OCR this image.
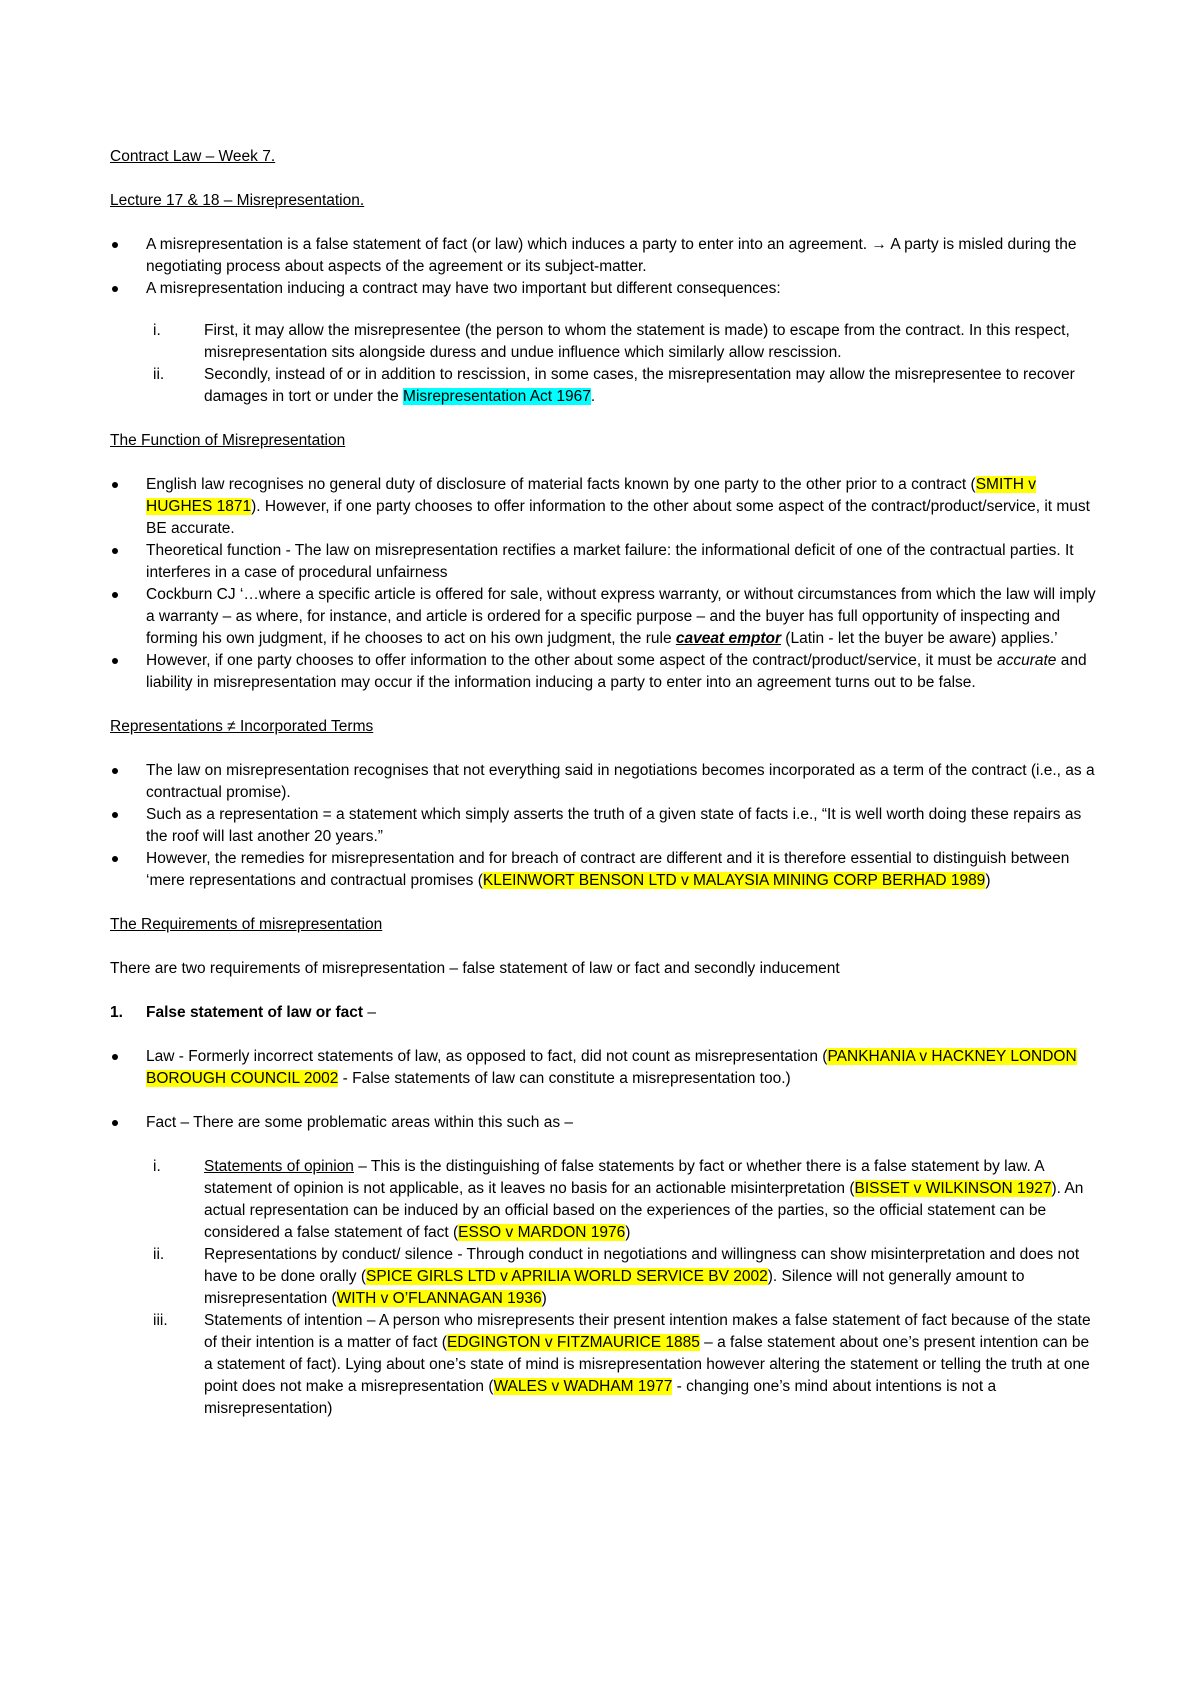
Contract Law – Week 7.

Lecture 17 & 18 – Misrepresentation.

A misrepresentation is a false statement of fact (or law) which induces a party to enter into an agreement. → A party is misled during the negotiating process about aspects of the agreement or its subject-matter.
A misrepresentation inducing a contract may have two important but different consequences:
i.	First, it may allow the misrepresentee (the person to whom the statement is made) to escape from the contract. In this respect, misrepresentation sits alongside duress and undue influence which similarly allow rescission.
ii.	Secondly, instead of or in addition to rescission, in some cases, the misrepresentation may allow the misrepresentee to recover damages in tort or under the Misrepresentation Act 1967.

The Function of Misrepresentation

English law recognises no general duty of disclosure of material facts known by one party to the other prior to a contract (SMITH v HUGHES 1871). However, if one party chooses to offer information to the other about some aspect of the contract/product/service, it must BE accurate.
Theoretical function - The law on misrepresentation rectifies a market failure: the informational deficit of one of the contractual parties. It interferes in a case of procedural unfairness
Cockburn CJ ‘…where a specific article is offered for sale, without express warranty, or without circumstances from which the law will imply a warranty – as where, for instance, and article is ordered for a specific purpose – and the buyer has full opportunity of inspecting and forming his own judgment, if he chooses to act on his own judgment, the rule caveat emptor (Latin - let the buyer be aware) applies.’
However, if one party chooses to offer information to the other about some aspect of the contract/product/service, it must be accurate and liability in misrepresentation may occur if the information inducing a party to enter into an agreement turns out to be false.

Representations ≠ Incorporated Terms

The law on misrepresentation recognises that not everything said in negotiations becomes incorporated as a term of the contract (i.e., as a contractual promise).
Such as a representation = a statement which simply asserts the truth of a given state of facts i.e., “It is well worth doing these repairs as the roof will last another 20 years.”
However, the remedies for misrepresentation and for breach of contract are different and it is therefore essential to distinguish between ‘mere representations and contractual promises (KLEINWORT BENSON LTD v MALAYSIA MINING CORP BERHAD 1989)

The Requirements of misrepresentation

There are two requirements of misrepresentation – false statement of law or fact and secondly inducement

1. False statement of law or fact –

Law - Formerly incorrect statements of law, as opposed to fact, did not count as misrepresentation (PANKHANIA v HACKNEY LONDON BOROUGH COUNCIL 2002 - False statements of law can constitute a misrepresentation too.)
Fact – There are some problematic areas within this such as –
i.	Statements of opinion – This is the distinguishing of false statements by fact or whether there is a false statement by law. A statement of opinion is not applicable, as it leaves no basis for an actionable misinterpretation (BISSET v WILKINSON 1927). An actual representation can be induced by an official based on the experiences of the parties, so the official statement can be considered a false statement of fact (ESSO v MARDON 1976)
ii.	Representations by conduct/ silence - Through conduct in negotiations and willingness can show misinterpretation and does not have to be done orally (SPICE GIRLS LTD v APRILIA WORLD SERVICE BV 2002). Silence will not generally amount to misrepresentation (WITH v O’FLANNAGAN 1936)
iii. Statements of intention – A person who misrepresents their present intention makes a false statement of fact because of the state of their intention is a matter of fact (EDGINGTON v FITZMAURICE 1885 – a false statement about one’s present intention can be a statement of fact). Lying about one’s state of mind is misrepresentation however altering the statement or telling the truth at one point does not make a misrepresentation (WALES v WADHAM 1977 - changing one’s mind about intentions is not a misrepresentation)
